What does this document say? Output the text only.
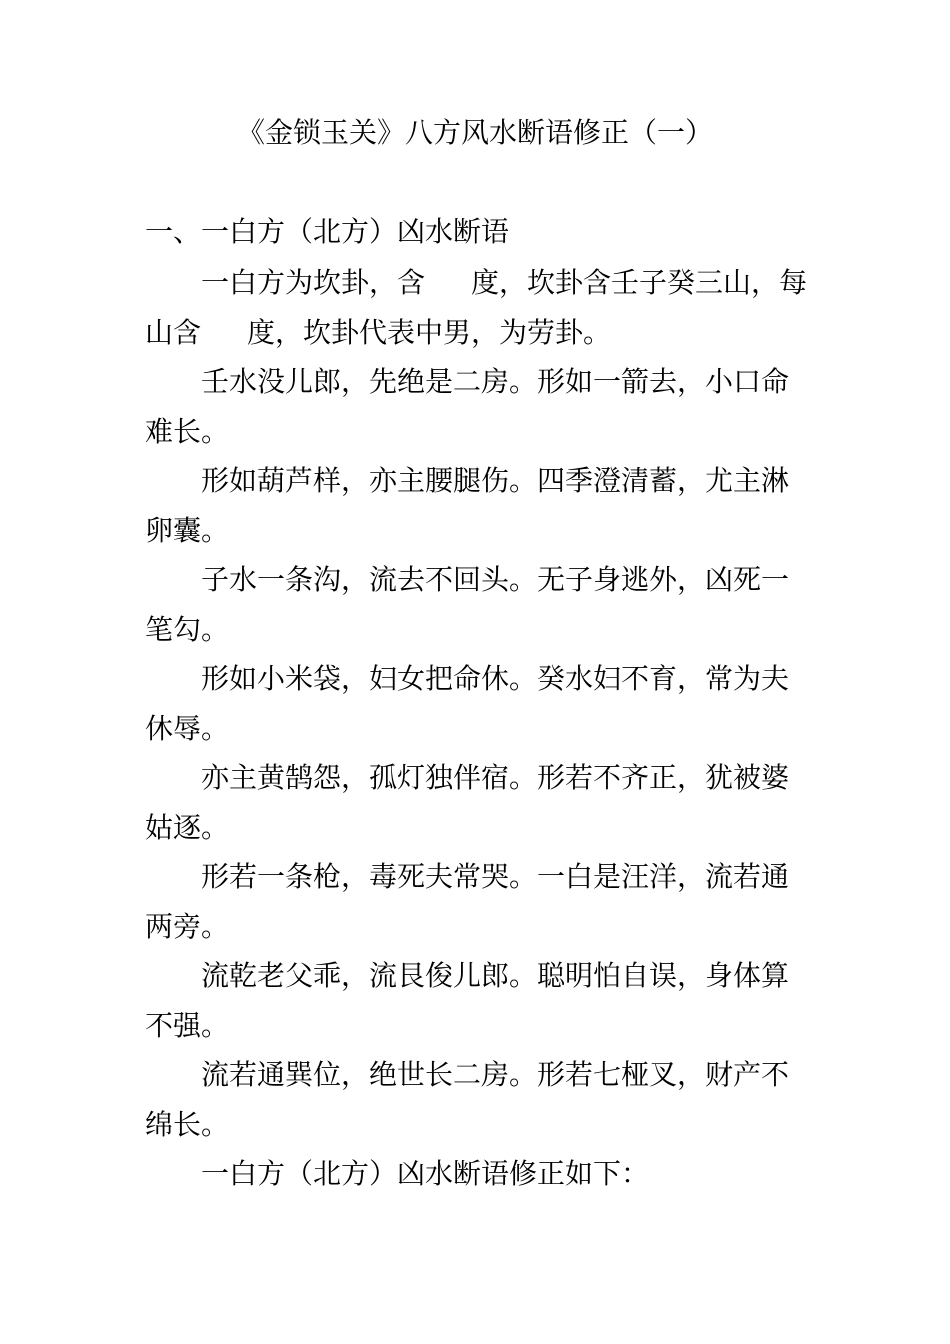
《金锁玉关》八方风水断语修正（一）
一、一白方（北方）凶水断语
一白方为坎卦，含 度，坎卦含壬子癸三山，每
山含 度，坎卦代表中男，为劳卦。
壬水没儿郎，先绝是二房。形如一箭去，小口命
难长。
形如葫芦样，亦主腰腿伤。四季澄清蓄，尤主淋
卵囊。
子水一条沟，流去不回头。无子身逃外，凶死一
笔勾。
形如小米袋，妇女把命休。癸水妇不育，常为夫
休辱。
亦主黄鹄怨，孤灯独伴宿。形若不齐正，犹被婆
姑逐。
形若一条枪，毒死夫常哭。一白是汪洋，流若通
两旁。
流乾老父乖，流艮俊儿郎。聪明怕自误，身体算
不强。
流若通巽位，绝世长二房。形若七桠叉，财产不
绵长。
一白方（北方）凶水断语修正如下：
